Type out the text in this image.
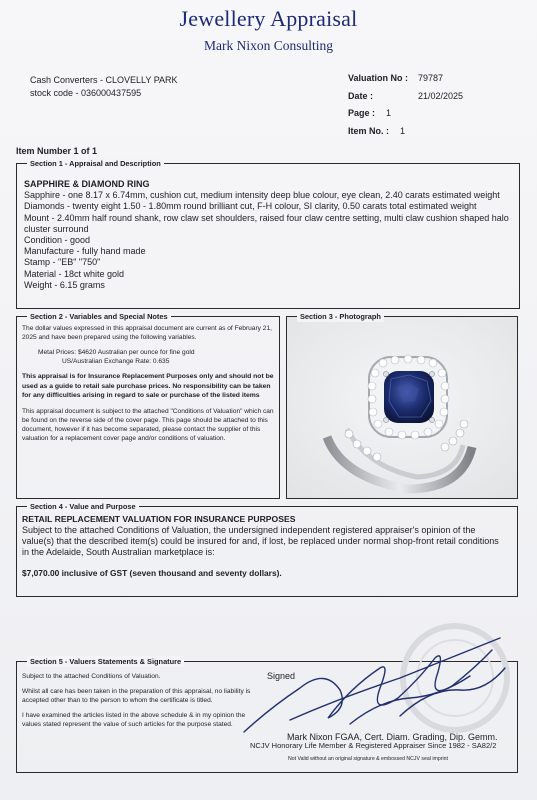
Jewellery Appraisal
Mark Nixon Consulting
Cash Converters - CLOVELLY PARK
stock code - 036000437595
Valuation No : 79787
Date :	21/02/2025
Page : 1
Item No. : 1
Item Number 1 of 1
Section 1 - Appraisal and Description
SAPPHIRE & DIAMOND RING
Sapphire - one 8.17 x 6.74mm, cushion cut, medium intensity deep blue colour, eye clean, 2.40 carats estimated weight
Diamonds - twenty eight 1.50 - 1.80mm round brilliant cut, F-H colour, SI clarity, 0.50 carats total estimated weight
Mount - 2.40mm half round shank, row claw set shoulders, raised four claw centre setting, multi claw cushion shaped halo cluster surround
Condition - good
Manufacture - fully hand made
Stamp - "EB" "750"
Material - 18ct white gold
Weight - 6.15 grams
Section 2 - Variables and Special Notes

The dollar values expressed in this appraisal document are current as of February 21, 2025 and have been prepared using the following variables.

Metal Prices: $4620 Australian per ounce for fine gold

US/Australian Exchange Rate: 0.635

This appraisal is for Insurance Replacement Purposes only and should not be used as a guide to retail sale purchase prices. No responsibility can be taken for any difficulties arising in regard to sale or purchase of the listed items

This appraisal document is subject to the attached "Conditions of Valuation" which can be found on the reverse side of the cover page. This page should be attached to this document, however if it has become separated, please contact the supplier of this valuation for a replacement cover page and/or conditions of valuation.

Section 3 - Photograph
Section 4 - Value and Purpose
RETAIL REPLACEMENT VALUATION FOR INSURANCE PURPOSES
Subject to the attached Conditions of Valuation, the undersigned independent registered appraiser's opinion of the value(s) that the described item(s) could be insured for and, if lost, be replaced under normal shop-front retail conditions in the Adelaide, South Australian marketplace is:
$7,070.00 inclusive of GST (seven thousand and seventy dollars).
Section 5 - Valuers Statements & Signature

Subject to the attached Conditions of Valuation.

Whilst all care has been taken in the preparation of this appraisal, no liability is accepted other than to the person to whom the certificate is titled.

I have examined the articles listed in the above schedule & in my opinion the values stated represent the value of such articles for the purpose stated.

Signed
Mark Nixon FGAA, Cert. Diam. Grading, Dip. Gemm.
NCJV Honorary Life Member & Registered Appraiser Since 1982 - SA82/2
Not Valid without an original signature & embossed NCJV seal imprint
